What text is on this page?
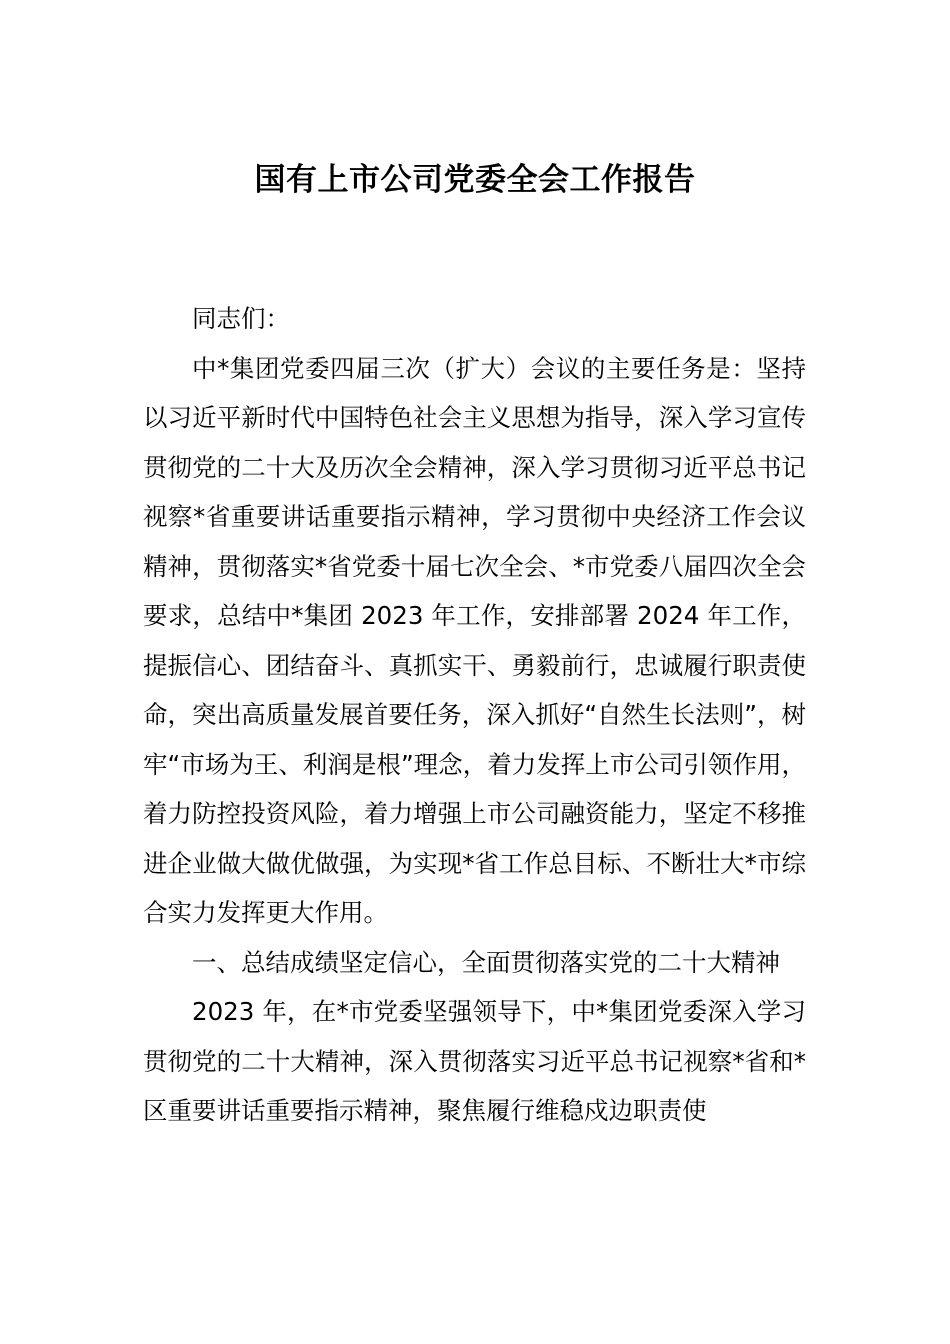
国有上市公司党委全会工作报告

同志们：

中*集团党委四届三次（扩大）会议的主要任务是：坚持以习近平新时代中国特色社会主义思想为指导，深入学习宣传贯彻党的二十大及历次全会精神，深入学习贯彻习近平总书记视察*省重要讲话重要指示精神，学习贯彻中央经济工作会议精神，贯彻落实*省党委十届七次全会、*市党委八届四次全会要求，总结中*集团 2023 年工作，安排部署 2024 年工作，提振信心、团结奋斗、真抓实干、勇毅前行，忠诚履行职责使命，突出高质量发展首要任务，深入抓好“自然生长法则”，树牢“市场为王、利润是根”理念，着力发挥上市公司引领作用，着力防控投资风险，着力增强上市公司融资能力，坚定不移推进企业做大做优做强，为实现*省工作总目标、不断壮大*市综合实力发挥更大作用。

一、总结成绩坚定信心，全面贯彻落实党的二十大精神

2023 年，在*市党委坚强领导下，中*集团党委深入学习贯彻党的二十大精神，深入贯彻落实习近平总书记视察*省和*区重要讲话重要指示精神，聚焦履行维稳戍边职责使
